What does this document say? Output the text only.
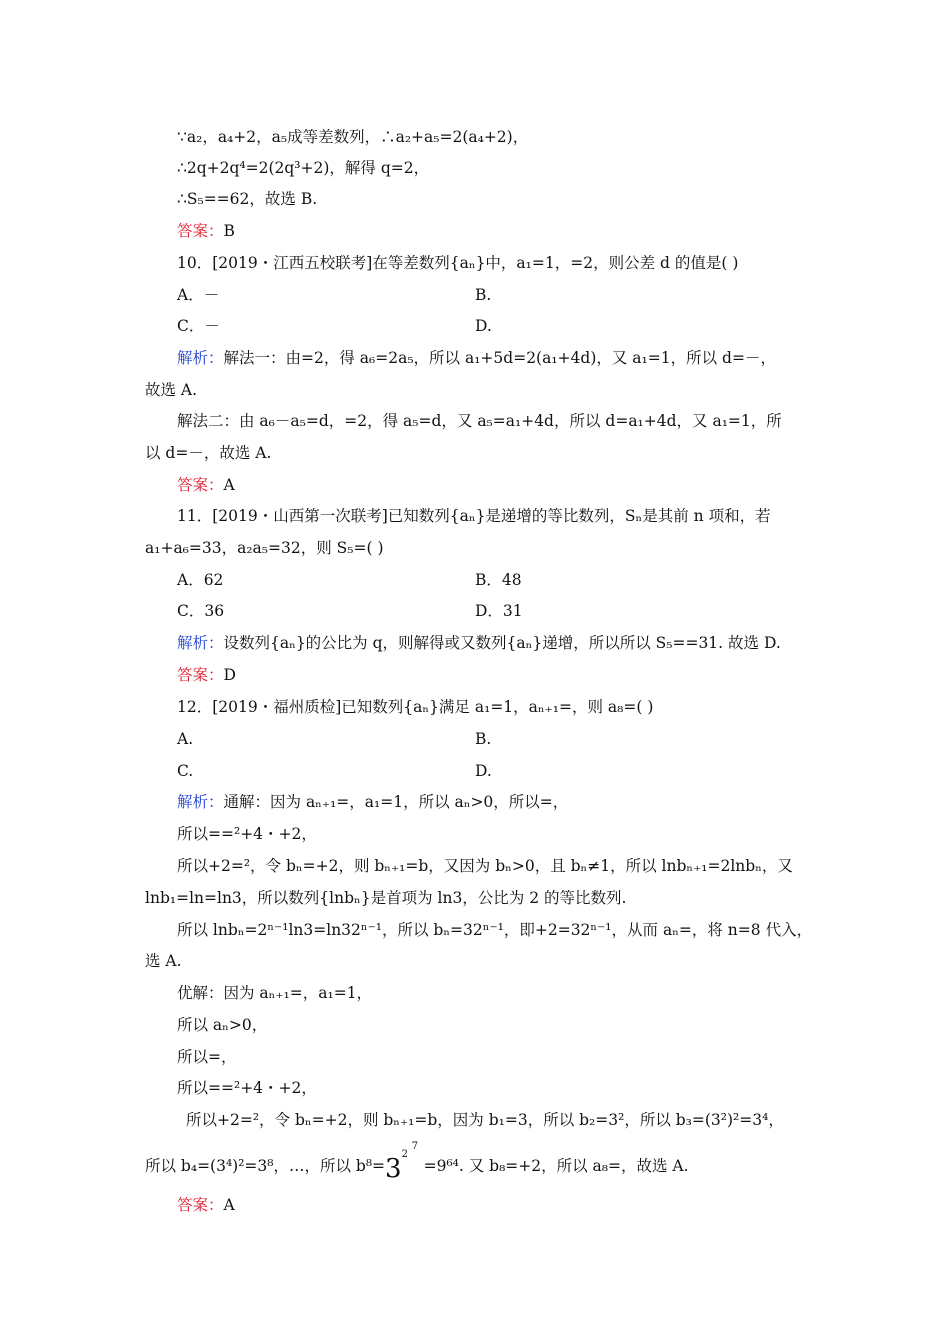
∵a₂，a₄+2，a₅成等差数列，∴a₂+a₅=2(a₄+2)，
∴2q+2q⁴=2(2q³+2)，解得 q=2，
∴S₅==62，故选 B.
答案：B
10．[2019・江西五校联考]在等差数列{aₙ}中，a₁=1，=2，则公差 d 的值是( )
A．－	B.
C．－	D.
解析：解法一：由=2，得 a₆=2a₅，所以 a₁+5d=2(a₁+4d)，又 a₁=1，所以 d=－，
故选 A.
解法二：由 a₆－a₅=d，=2，得 a₅=d，又 a₅=a₁+4d，所以 d=a₁+4d，又 a₁=1，所
以 d=－，故选 A.
答案：A
11．[2019・山西第一次联考]已知数列{aₙ}是递增的等比数列，Sₙ是其前 n 项和，若
a₁+a₆=33，a₂a₅=32，则 S₅=( )
A．62	B．48
C．36	D．31
解析：设数列{aₙ}的公比为 q，则解得或又数列{aₙ}递增，所以所以 S₅==31. 故选 D.
答案：D
12．[2019・福州质检]已知数列{aₙ}满足 a₁=1，aₙ₊₁=，则 a₈=( )
A.	B.
C.	D.
解析：通解：因为 aₙ₊₁=，a₁=1，所以 aₙ>0，所以=，
所以==²+4・+2，
所以+2=²，令 bₙ=+2，则 bₙ₊₁=b，又因为 bₙ>0，且 bₙ≠1，所以 lnbₙ₊₁=2lnbₙ，又
lnb₁=ln=ln3，所以数列{lnbₙ}是首项为 ln3，公比为 2 的等比数列.
所以 lnbₙ=2ⁿ⁻¹ln3=ln32ⁿ⁻¹，所以 bₙ=32ⁿ⁻¹，即+2=32ⁿ⁻¹，从而 aₙ=，将 n=8 代入，
选 A.
优解：因为 aₙ₊₁=，a₁=1，
所以 aₙ>0，
所以=，
所以==²+4・+2，
所以+2=²，令 bₙ=+2，则 bₙ₊₁=b，因为 b₁=3，所以 b₂=3²，所以 b₃=(3²)²=3⁴，
所以 b₄=(3⁴)²=3⁸，…，所以 b⁸=3 2
7
=9⁶⁴. 又 b₈=+2，所以 a₈=，故选 A.
答案：A
